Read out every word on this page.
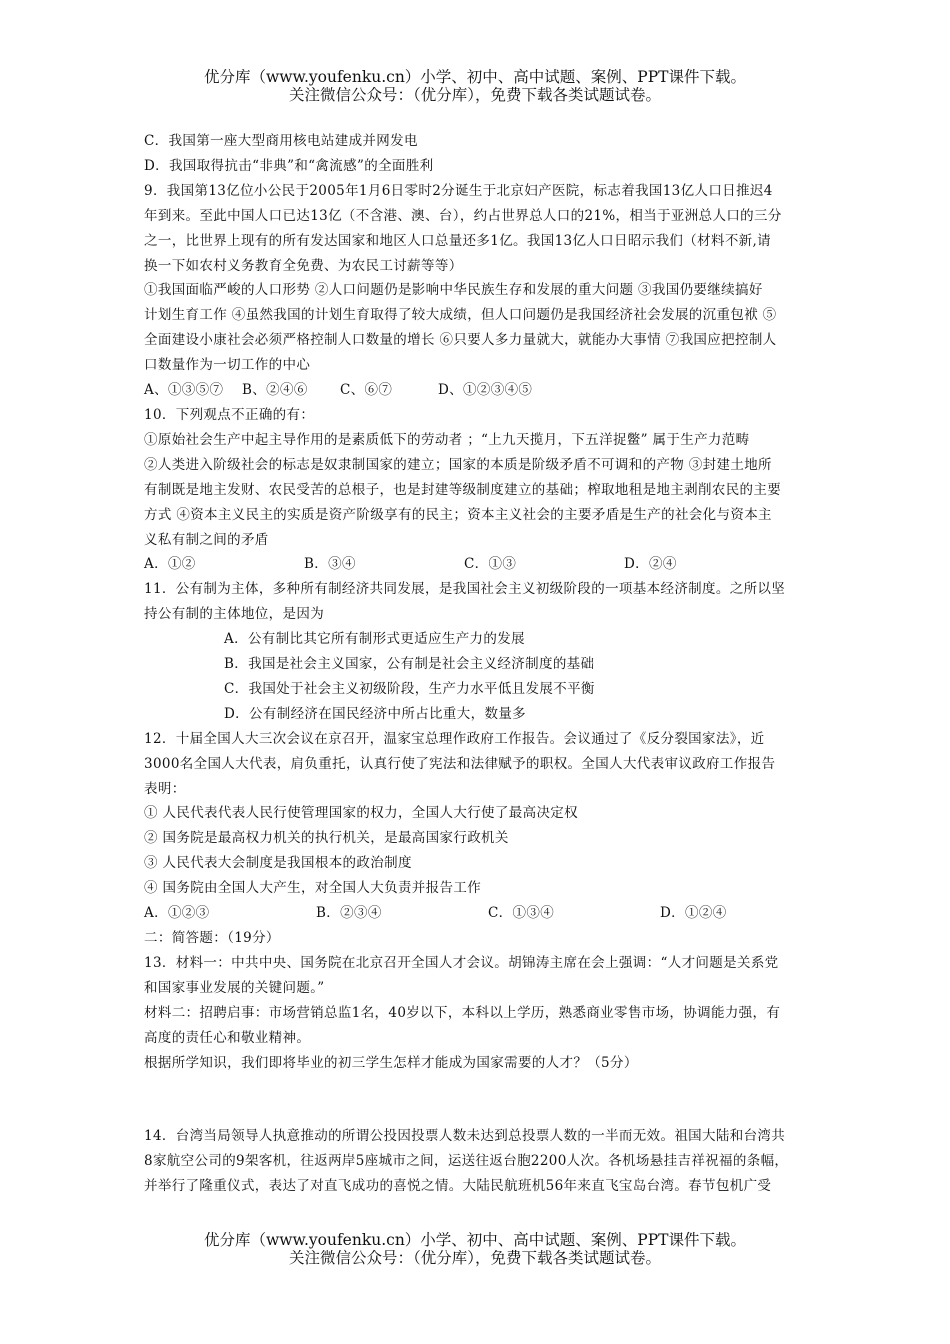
优分库（www.youfenku.cn）小学、初中、高中试题、案例、PPT课件下载。
关注微信公众号：（优分库），免费下载各类试题试卷。

C．我国第一座大型商用核电站建成并网发电

D．我国取得抗击“非典”和“禽流感”的全面胜利

9．我国第13亿位小公民于2005年1月6日零时2分诞生于北京妇产医院，标志着我国13亿人口日推迟4

年到来。至此中国人口已达13亿（不含港、澳、台），约占世界总人口的21%，相当于亚洲总人口的三分

之一，比世界上现有的所有发达国家和地区人口总量还多1亿。我国13亿人口日昭示我们（材料不新,请

换一下如农村义务教育全免费、为农民工讨薪等等）

①我国面临严峻的人口形势 ②人口问题仍是影响中华民族生存和发展的重大问题 ③我国仍要继续搞好

计划生育工作 ④虽然我国的计划生育取得了较大成绩，但人口问题仍是我国经济社会发展的沉重包袱 ⑤

全面建设小康社会必须严格控制人口数量的增长 ⑥只要人多力量就大，就能办大事情 ⑦我国应把控制人

口数量作为一切工作的中心

A、①③⑤⑦	B、②④⑥	C、⑥⑦	D、①②③④⑤

10．下列观点不正确的有：

①原始社会生产中起主导作用的是素质低下的劳动者 ；“上九天揽月，下五洋捉鳖” 属于生产力范畴

②人类进入阶级社会的标志是奴隶制国家的建立；国家的本质是阶级矛盾不可调和的产物 ③封建土地所

有制既是地主发财、农民受苦的总根子，也是封建等级制度建立的基础；榨取地租是地主剥削农民的主要

方式 ④资本主义民主的实质是资产阶级享有的民主；资本主义社会的主要矛盾是生产的社会化与资本主

义私有制之间的矛盾

A．①②	B．③④	C．①③	D．②④

11．公有制为主体，多种所有制经济共同发展，是我国社会主义初级阶段的一项基本经济制度。之所以坚

持公有制的主体地位，是因为

A．公有制比其它所有制形式更适应生产力的发展

B．我国是社会主义国家，公有制是社会主义经济制度的基础

C．我国处于社会主义初级阶段，生产力水平低且发展不平衡

D．公有制经济在国民经济中所占比重大，数量多

12．十届全国人大三次会议在京召开，温家宝总理作政府工作报告。会议通过了《反分裂国家法》，近

3000名全国人大代表，肩负重托，认真行使了宪法和法律赋予的职权。全国人大代表审议政府工作报告

表明：

① 人民代表代表人民行使管理国家的权力，全国人大行使了最高决定权

② 国务院是最高权力机关的执行机关，是最高国家行政机关

③ 人民代表大会制度是我国根本的政治制度

④ 国务院由全国人大产生，对全国人大负责并报告工作

A．①②③	B．②③④	C．①③④	D．①②④

二：简答题：（19分）

13．材料一：中共中央、国务院在北京召开全国人才会议。胡锦涛主席在会上强调：“人才问题是关系党

和国家事业发展的关键问题。”

材料二：招聘启事：市场营销总监1名，40岁以下，本科以上学历，熟悉商业零售市场，协调能力强，有

高度的责任心和敬业精神。

根据所学知识，我们即将毕业的初三学生怎样才能成为国家需要的人才？（5分）

14．台湾当局领导人执意推动的所谓公投因投票人数未达到总投票人数的一半而无效。祖国大陆和台湾共

8家航空公司的9架客机，往返两岸5座城市之间，运送往返台胞2200人次。各机场悬挂吉祥祝福的条幅，

并举行了隆重仪式，表达了对直飞成功的喜悦之情。大陆民航班机56年来直飞宝岛台湾。春节包机广受

优分库（www.youfenku.cn）小学、初中、高中试题、案例、PPT课件下载。
关注微信公众号：（优分库），免费下载各类试题试卷。
